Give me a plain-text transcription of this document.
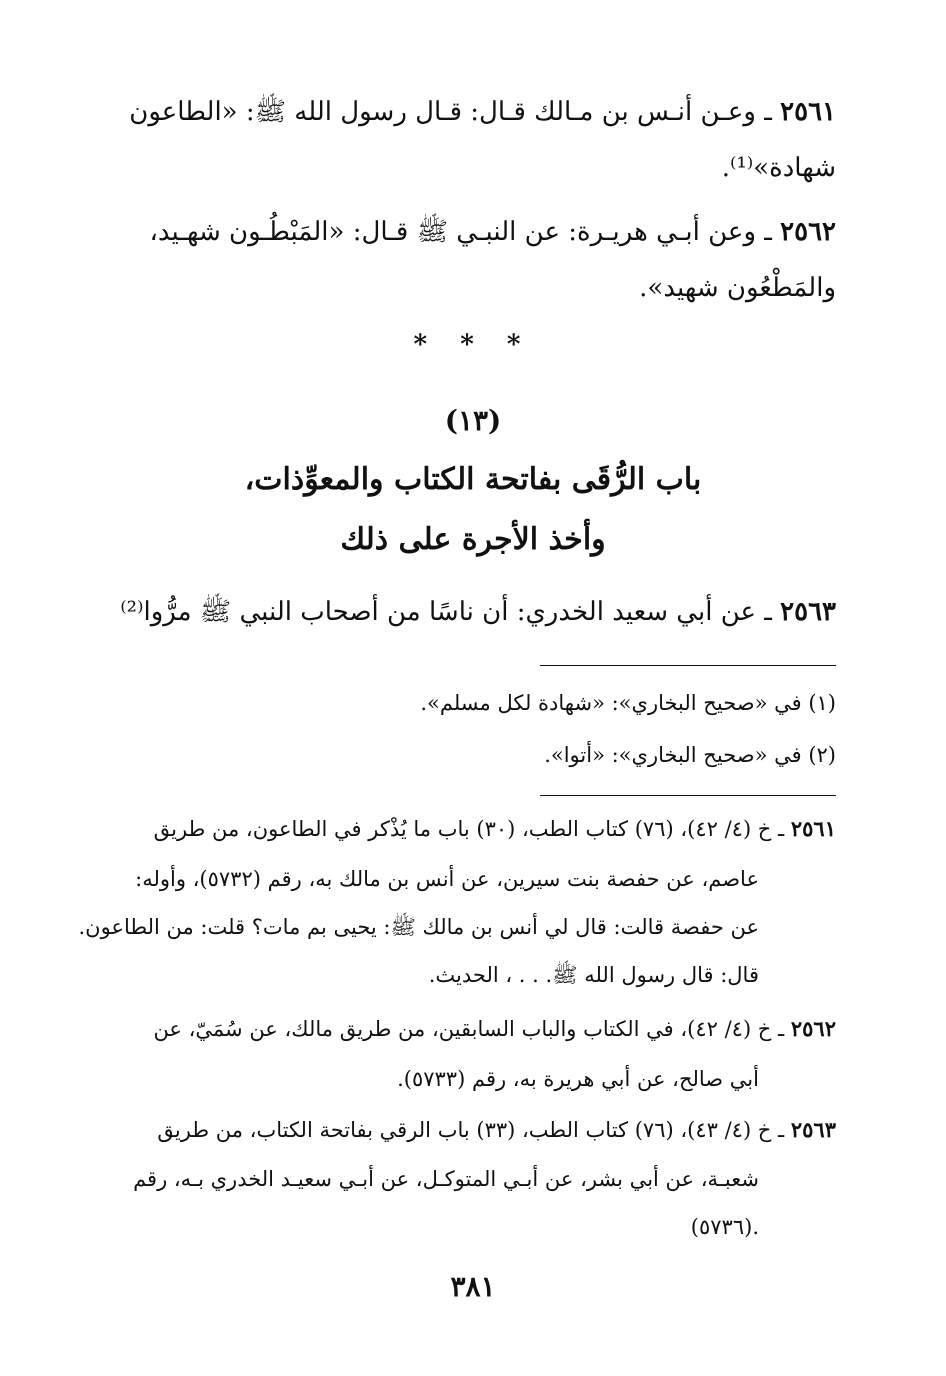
٢٥٦١ ـ وعـن أنـس بن مـالك قـال: قـال رسول الله ﷺ: «الطاعون
شهادة»⁽¹⁾.
٢٥٦٢ ـ وعن أبـي هريـرة: عن النبـي ﷺ قـال: «المَبْطُـون شهـيد،
والمَطْعُون شهيد».
* * *
(١٣)
باب الرُّقَى بفاتحة الكتاب والمعوِّذات،
وأخذ الأجرة على ذلك
٢٥٦٣ ـ عن أبي سعيد الخدري: أن ناسًا من أصحاب النبي ﷺ مرُّوا⁽²⁾
(١) في «صحيح البخاري»: «شهادة لكل مسلم».
(٢) في «صحيح البخاري»: «أتوا».
٢٥٦١ ـ خ (٤/ ٤٢)، (٧٦) كتاب الطب، (٣٠) باب ما يُذْكر في الطاعون، من طريق
عاصم، عن حفصة بنت سيرين، عن أنس بن مالك به، رقم (٥٧٣٢)، وأوله:
عن حفصة قالت: قال لي أنس بن مالك ﷺ: يحيى بم مات؟ قلت: من الطاعون.
قال: قال رسول الله ﷺ. . . ، الحديث.
٢٥٦٢ ـ خ (٤/ ٤٢)، في الكتاب والباب السابقين، من طريق مالك، عن سُمَيّ، عن
أبي صالح، عن أبي هريرة به، رقم (٥٧٣٣).
٢٥٦٣ ـ خ (٤/ ٤٣)، (٧٦) كتاب الطب، (٣٣) باب الرقي بفاتحة الكتاب، من طريق
شعبـة، عن أبي بشر، عن أبـي المتوكـل، عن أبـي سعيـد الخدري بـه، رقم
(٥٧٣٦).
٣٨١
